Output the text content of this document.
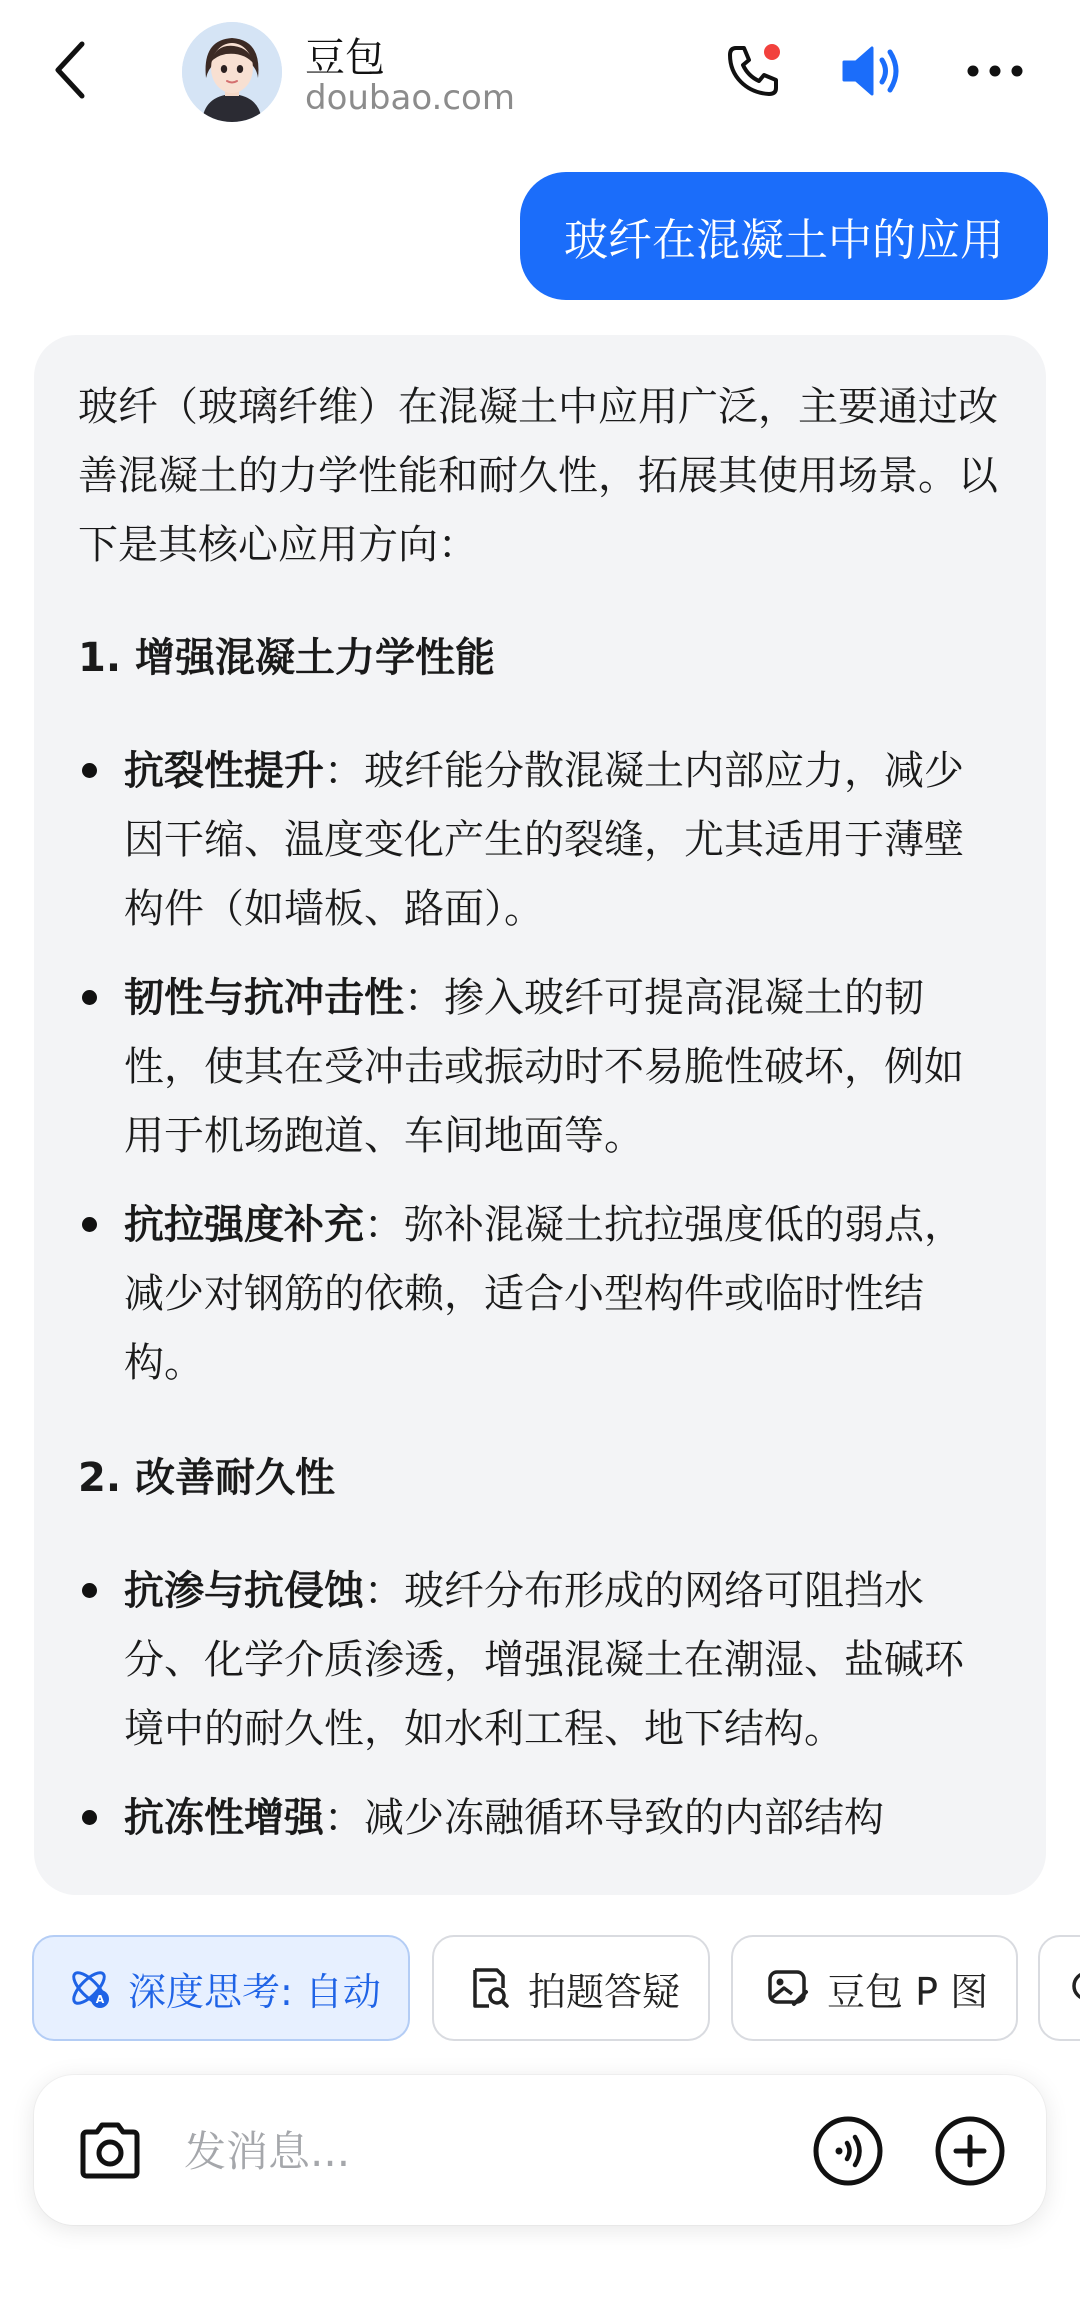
豆包
doubao.com
玻纤在混凝土中的应用

玻纤（玻璃纤维）在混凝土中应用广泛，主要通过改善混凝土的力学性能和耐久性，拓展其使用场景。以下是其核心应用方向：

1. 增强混凝土力学性能
抗裂性提升：玻纤能分散混凝土内部应力，减少因干缩、温度变化产生的裂缝，尤其适用于薄壁构件（如墙板、路面）。
韧性与抗冲击性：掺入玻纤可提高混凝土的韧性，使其在受冲击或振动时不易脆性破坏，例如用于机场跑道、车间地面等。
抗拉强度补充：弥补混凝土抗拉强度低的弱点，减少对钢筋的依赖，适合小型构件或临时性结构。
2. 改善耐久性
抗渗与抗侵蚀：玻纤分布形成的网络可阻挡水分、化学介质渗透，增强混凝土在潮湿、盐碱环境中的耐久性，如水利工程、地下结构。
抗冻性增强：减少冻融循环导致的内部结构
A 深度思考: 自动	拍题答疑	豆包 P 图
发消息...
